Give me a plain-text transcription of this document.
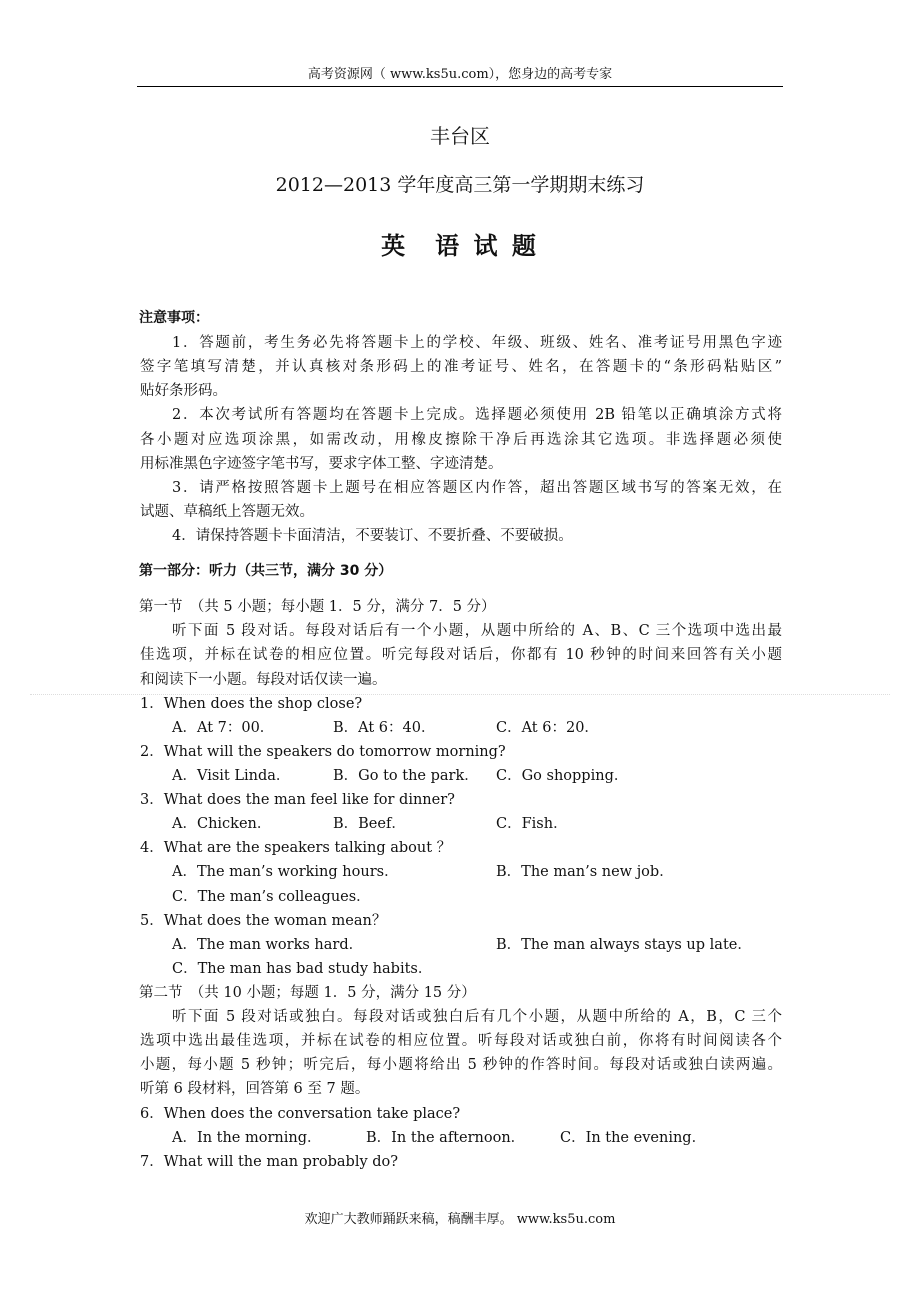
高考资源网（ www.ks5u.com），您身边的高考专家
丰台区
2012—2013 学年度高三第一学期期末练习
英　语 试 题
注意事项：
1．答题前，考生务必先将答题卡上的学校、年级、班级、姓名、准考证号用黑色字迹
签字笔填写清楚，并认真核对条形码上的准考证号、姓名，在答题卡的“条形码粘贴区”
贴好条形码。
2．本次考试所有答题均在答题卡上完成。选择题必须使用 2B 铅笔以正确填涂方式将
各小题对应选项涂黑，如需改动，用橡皮擦除干净后再选涂其它选项。非选择题必须使
用标准黑色字迹签字笔书写，要求字体工整、字迹清楚。
3．请严格按照答题卡上题号在相应答题区内作答，超出答题区域书写的答案无效，在
试题、草稿纸上答题无效。
4．请保持答题卡卡面清洁，不要装订、不要折叠、不要破损。
第一部分：听力（共三节，满分 30 分）
第一节　（共 5 小题；每小题 1．5 分，满分 7．5 分）
听下面 5 段对话。每段对话后有一个小题，从题中所给的 A、B、C 三个选项中选出最
佳选项，并标在试卷的相应位置。听完每段对话后，你都有 10 秒钟的时间来回答有关小题
和阅读下一小题。每段对话仅读一遍。
1．When does the shop close?
A．At 7：00．	B．At 6：40．	C．At 6：20．
2．What will the speakers do tomorrow morning?
A．Visit Linda．	B．Go to the park． C．Go shopping．
3．What does the man feel like for dinner?
A．Chicken．	B．Beef．	C．Fish．
4．What are the speakers talking about ？
A．The man’s working hours．	B．The man’s new job．
C．The man’s colleagues．
5．What does the woman mean？
A．The man works hard．	B．The man always stays up late．
C．The man has bad study habits．
第二节　（共 10 小题；每题 1．5 分，满分 15 分）
听下面 5 段对话或独白。每段对话或独白后有几个小题，从题中所给的 A，B，C 三个
选项中选出最佳选项，并标在试卷的相应位置。听每段对话或独白前，你将有时间阅读各个
小题，每小题 5 秒钟；听完后，每小题将给出 5 秒钟的作答时间。每段对话或独白读两遍。
听第 6 段材料，回答第 6 至 7 题。
6．When does the conversation take place?
A．In the morning．	B．In the afternoon． C．In the evening．
7．What will the man probably do?
欢迎广大教师踊跃来稿，稿酬丰厚。 www.ks5u.com
